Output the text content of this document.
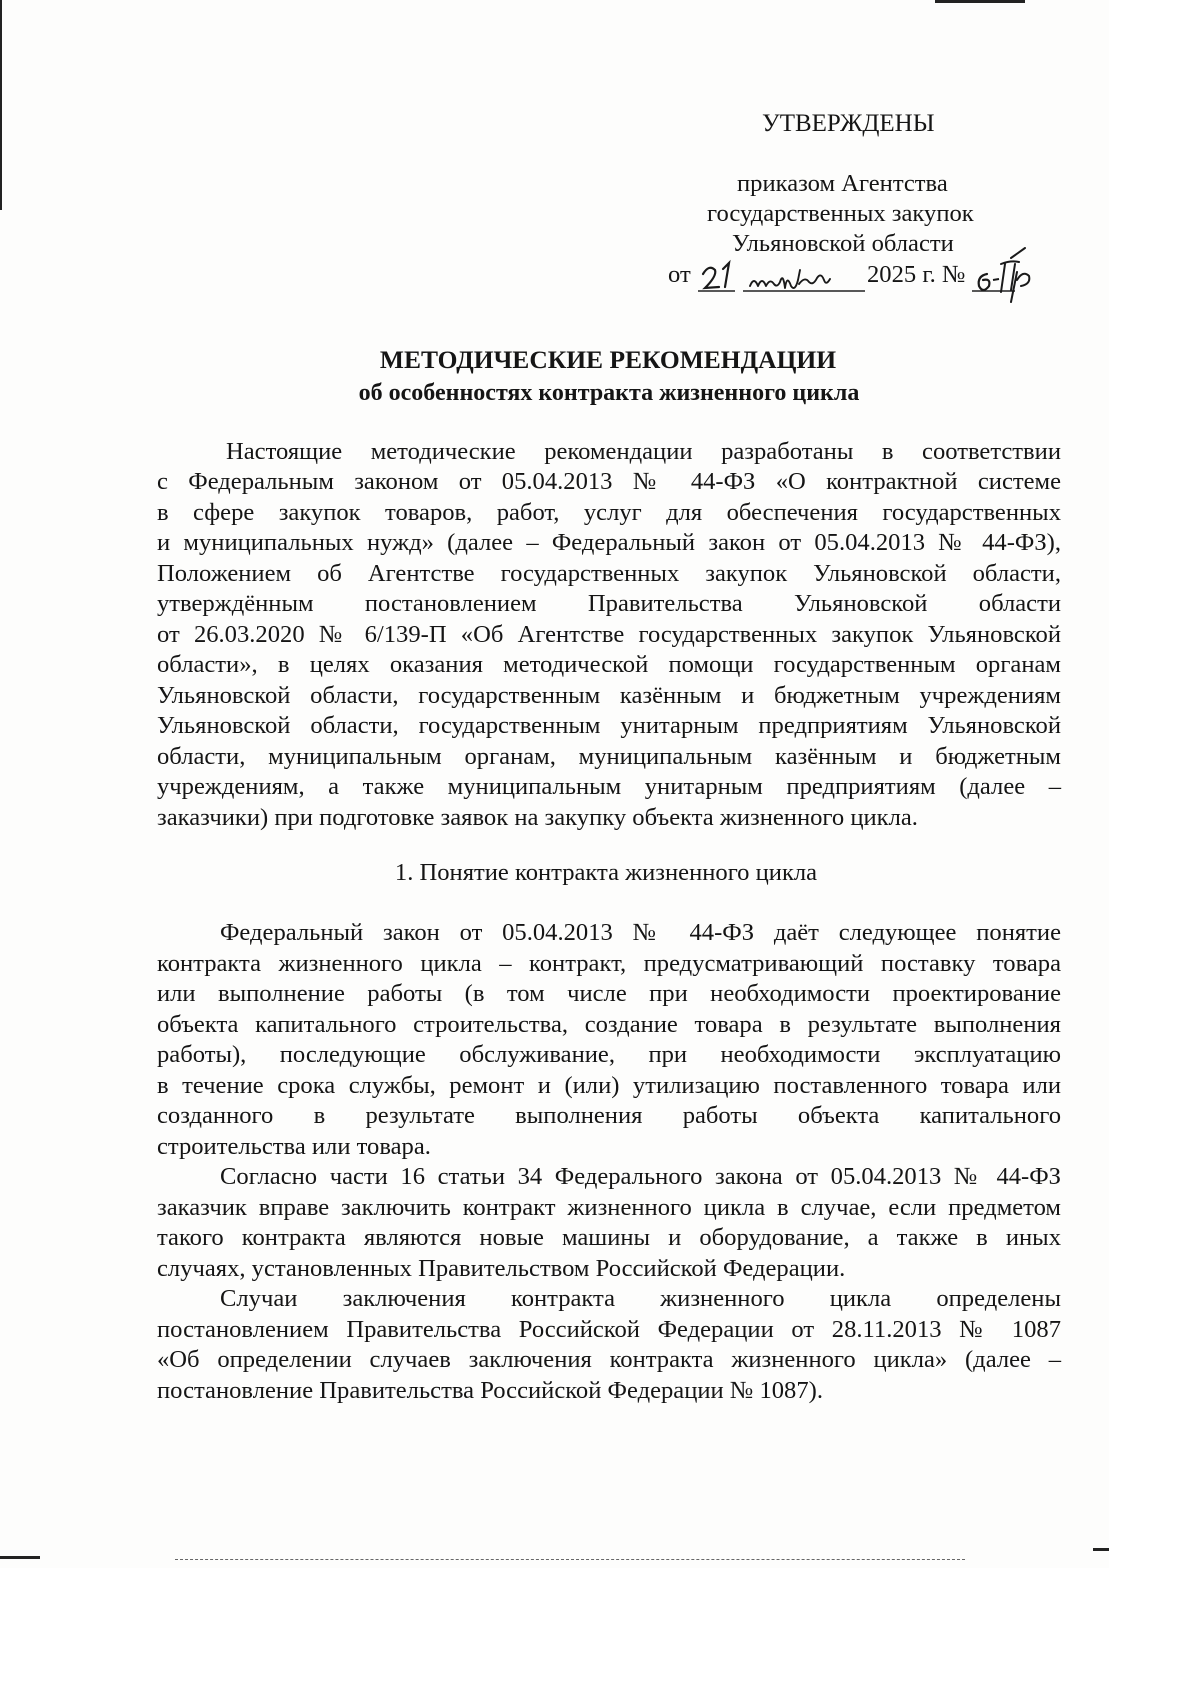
УТВЕРЖДЕНЫ
приказом Агентства
государственных закупок
Ульяновской области
от	2025 г. №
МЕТОДИЧЕСКИЕ РЕКОМЕНДАЦИИ
об особенностях контракта жизненного цикла
Настоящие методические рекомендации разработаны в соответствии
с Федеральным законом от 05.04.2013 № 44-ФЗ «О контрактной системе
в сфере закупок товаров, работ, услуг для обеспечения государственных
и муниципальных нужд» (далее – Федеральный закон от 05.04.2013 № 44-ФЗ),
Положением об Агентстве государственных закупок Ульяновской области,
утверждённым постановлением Правительства Ульяновской области
от 26.03.2020 № 6/139-П «Об Агентстве государственных закупок Ульяновской
области», в целях оказания методической помощи государственным органам
Ульяновской области, государственным казённым и бюджетным учреждениям
Ульяновской области, государственным унитарным предприятиям Ульяновской
области, муниципальным органам, муниципальным казённым и бюджетным
учреждениям, а также муниципальным унитарным предприятиям (далее –
заказчики) при подготовке заявок на закупку объекта жизненного цикла.
1. Понятие контракта жизненного цикла
Федеральный закон от 05.04.2013 № 44-ФЗ даёт следующее понятие
контракта жизненного цикла – контракт, предусматривающий поставку товара
или выполнение работы (в том числе при необходимости проектирование
объекта капитального строительства, создание товара в результате выполнения
работы), последующие обслуживание, при необходимости эксплуатацию
в течение срока службы, ремонт и (или) утилизацию поставленного товара или
созданного в результате выполнения работы объекта капитального
строительства или товара.
Согласно части 16 статьи 34 Федерального закона от 05.04.2013 № 44-ФЗ
заказчик вправе заключить контракт жизненного цикла в случае, если предметом
такого контракта являются новые машины и оборудование, а также в иных
случаях, установленных Правительством Российской Федерации.
Случаи заключения контракта жизненного цикла определены
постановлением Правительства Российской Федерации от 28.11.2013 № 1087
«Об определении случаев заключения контракта жизненного цикла» (далее –
постановление Правительства Российской Федерации № 1087).
